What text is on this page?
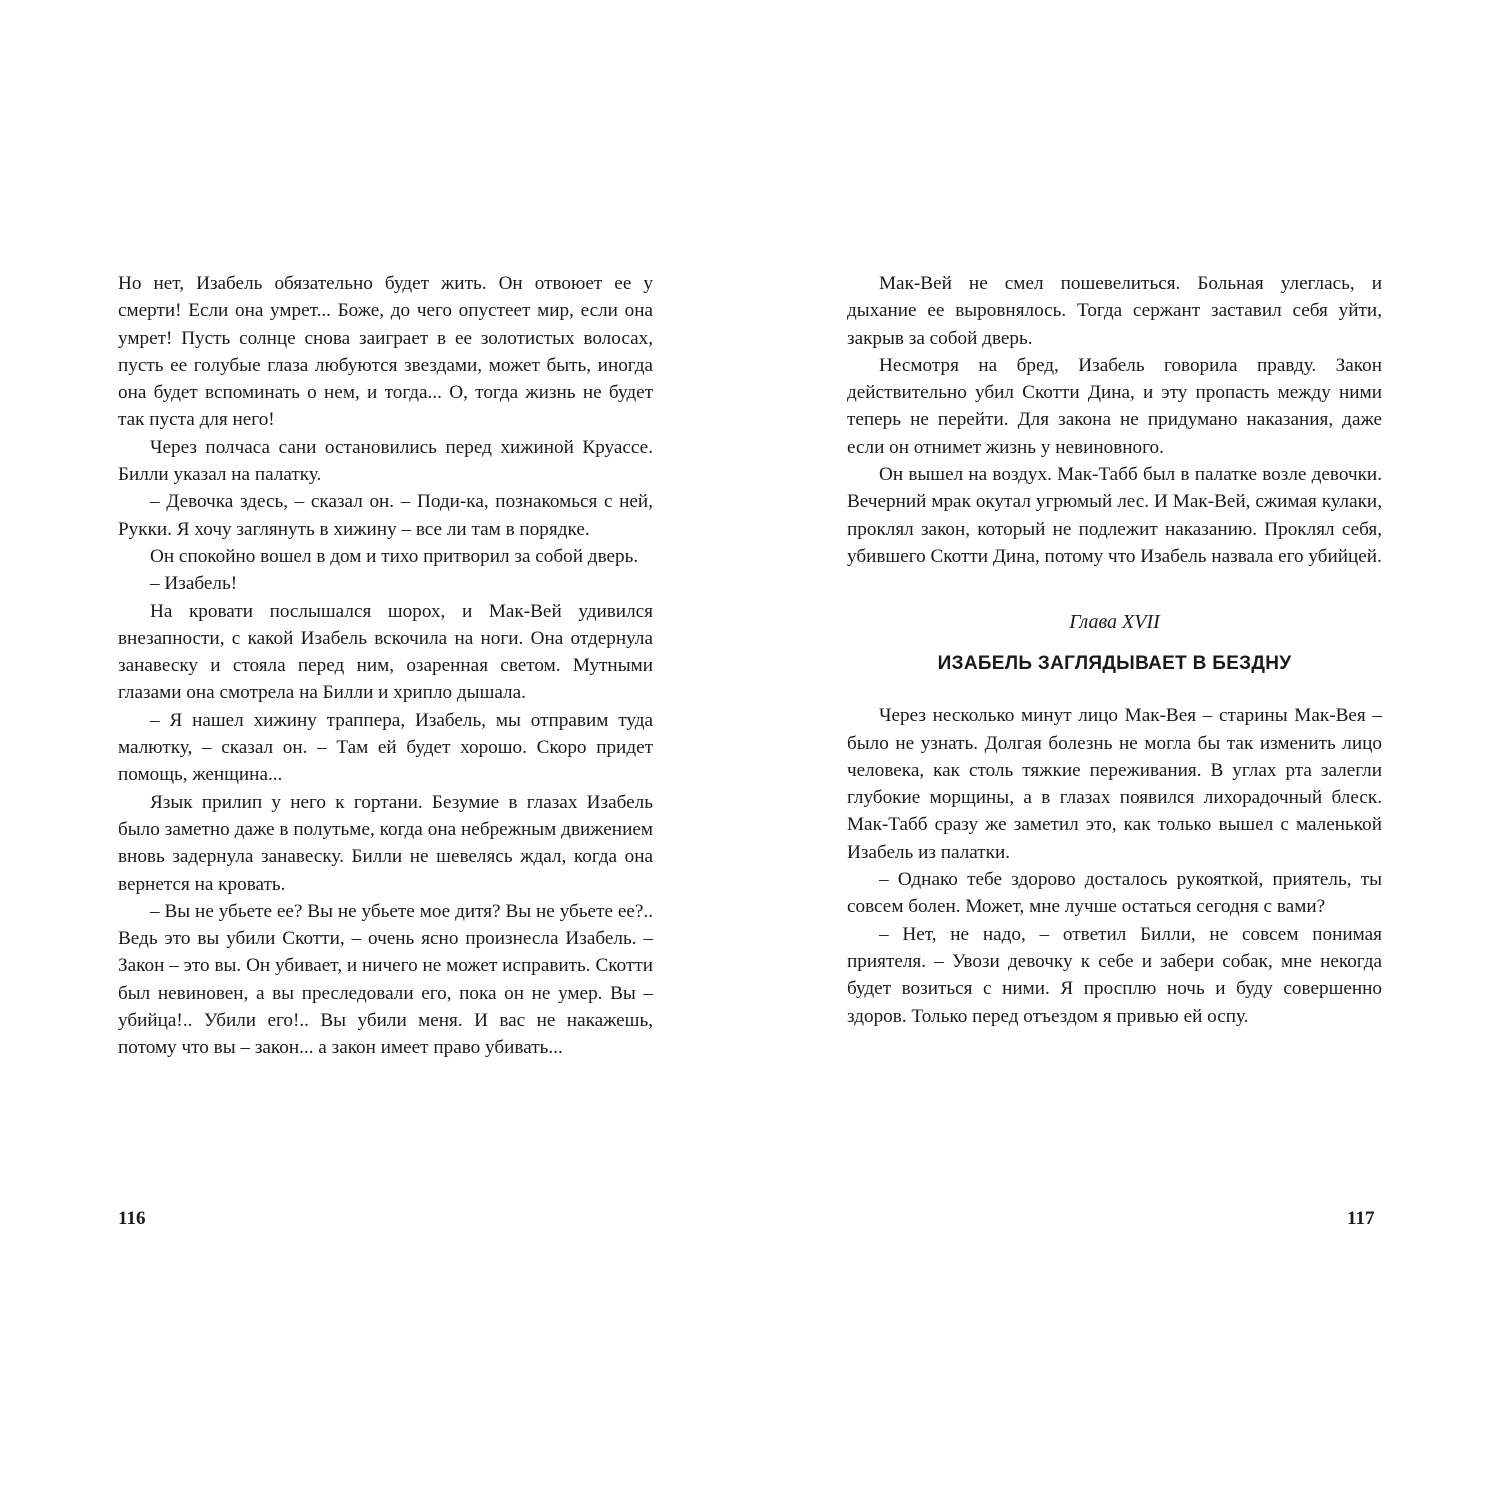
Но нет, Изабель обязательно будет жить. Он отвоюет ее у смерти! Если она умрет... Боже, до чего опустеет мир, если она умрет! Пусть солнце снова заиграет в ее золотистых волосах, пусть ее голубые глаза любуются звездами, может быть, иногда она будет вспоминать о нем, и тогда... О, тогда жизнь не будет так пуста для него!

Через полчаса сани остановились перед хижиной Круассе. Билли указал на палатку.

– Девочка здесь, – сказал он. – Поди-ка, познакомься с ней, Рукки. Я хочу заглянуть в хижину – все ли там в порядке.

Он спокойно вошел в дом и тихо притворил за собой дверь.

– Изабель!

На кровати послышался шорох, и Мак-Вей удивился внезапности, с какой Изабель вскочила на ноги. Она отдернула занавеску и стояла перед ним, озаренная светом. Мутными глазами она смотрела на Билли и хрипло дышала.

– Я нашел хижину траппера, Изабель, мы отправим туда малютку, – сказал он. – Там ей будет хорошо. Скоро придет помощь, женщина...

Язык прилип у него к гортани. Безумие в глазах Изабель было заметно даже в полутьме, когда она небрежным движением вновь задернула занавеску. Билли не шевелясь ждал, когда она вернется на кровать.

– Вы не убьете ее? Вы не убьете мое дитя? Вы не убьете ее?.. Ведь это вы убили Скотти, – очень ясно произнесла Изабель. – Закон – это вы. Он убивает, и ничего не может исправить. Скотти был невиновен, а вы преследовали его, пока он не умер. Вы – убийца!.. Убили его!.. Вы убили меня. И вас не накажешь, потому что вы – закон... а закон имеет право убивать...

Мак-Вей не смел пошевелиться. Больная улеглась, и дыхание ее выровнялось. Тогда сержант заставил себя уйти, закрыв за собой дверь.

Несмотря на бред, Изабель говорила правду. Закон действительно убил Скотти Дина, и эту пропасть между ними теперь не перейти. Для закона не придумано наказания, даже если он отнимет жизнь у невиновного.

Он вышел на воздух. Мак-Табб был в палатке возле девочки. Вечерний мрак окутал угрюмый лес. И Мак-Вей, сжимая кулаки, проклял закон, который не подлежит наказанию. Проклял себя, убившего Скотти Дина, потому что Изабель назвала его убийцей.

Глава XVII
ИЗАБЕЛЬ ЗАГЛЯДЫВАЕТ В БЕЗДНУ

Через несколько минут лицо Мак-Вея – старины Мак-Вея – было не узнать. Долгая болезнь не могла бы так изменить лицо человека, как столь тяжкие переживания. В углах рта залегли глубокие морщины, а в глазах появился лихорадочный блеск. Мак-Табб сразу же заметил это, как только вышел с маленькой Изабель из палатки.

– Однако тебе здорово досталось рукояткой, приятель, ты совсем болен. Может, мне лучше остаться сегодня с вами?

– Нет, не надо, – ответил Билли, не совсем понимая приятеля. – Увози девочку к себе и забери собак, мне некогда будет возиться с ними. Я просплю ночь и буду совершенно здоров. Только перед отъездом я привью ей оспу.

116	117
